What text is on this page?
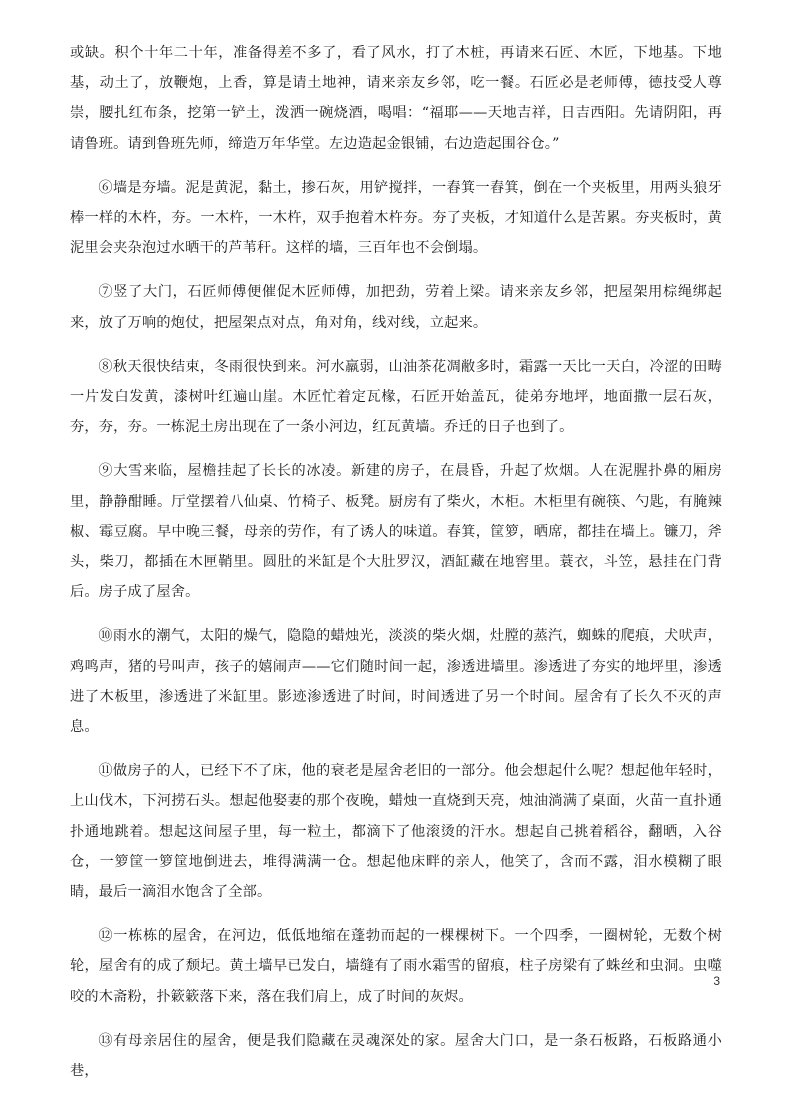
或缺。积个十年二十年，准备得差不多了，看了风水，打了木桩，再请来石匠、木匠，下地基。下地基，动土了，放鞭炮，上香，算是请土地神，请来亲友乡邻，吃一餐。石匠必是老师傅，德技受人尊崇，腰扎红布条，挖第一铲土，泼洒一碗烧酒，喝唱：“福耶——天地吉祥，日吉西阳。先请阴阳，再请鲁班。请到鲁班先师，缔造万年华堂。左边造起金银铺，右边造起围谷仓。”

⑥墙是夯墙。泥是黄泥，黏土，掺石灰，用铲搅拌，一舂箕一舂箕，倒在一个夹板里，用两头狼牙棒一样的木杵，夯。一木杵，一木杵，双手抱着木杵夯。夯了夹板，才知道什么是苦累。夯夹板时，黄泥里会夹杂泡过水晒干的芦苇秆。这样的墙，三百年也不会倒塌。

⑦竖了大门，石匠师傅便催促木匠师傅，加把劲，劳着上梁。请来亲友乡邻，把屋架用棕绳绑起来，放了万响的炮仗，把屋架点对点，角对角，线对线，立起来。

⑧秋天很快结束，冬雨很快到来。河水羸弱，山油茶花凋敝多时，霜露一天比一天白，冷涩的田畴一片发白发黄，漆树叶红遍山崖。木匠忙着定瓦椽，石匠开始盖瓦，徒弟夯地坪，地面撒一层石灰，夯，夯，夯。一栋泥土房出现在了一条小河边，红瓦黄墙。乔迁的日子也到了。

⑨大雪来临，屋檐挂起了长长的冰凌。新建的房子，在晨昏，升起了炊烟。人在泥腥扑鼻的厢房里，静静酣睡。厅堂摆着八仙桌、竹椅子、板凳。厨房有了柴火，木柜。木柜里有碗筷、勺匙，有腌辣椒、霉豆腐。早中晚三餐，母亲的劳作，有了诱人的味道。春箕，筐箩，晒席，都挂在墙上。镰刀，斧头，柴刀，都插在木匣鞘里。圆肚的米缸是个大肚罗汉，酒缸藏在地窖里。蓑衣，斗笠，悬挂在门背后。房子成了屋舍。

⑩雨水的潮气，太阳的燥气，隐隐的蜡烛光，淡淡的柴火烟，灶膛的蒸汽，蜘蛛的爬痕，犬吠声，鸡鸣声，猪的号叫声，孩子的嬉闹声——它们随时间一起，渗透进墙里。渗透进了夯实的地坪里，渗透进了木板里，渗透进了米缸里。影迹渗透进了时间，时间透进了另一个时间。屋舍有了长久不灭的声息。

⑪做房子的人，已经下不了床，他的衰老是屋舍老旧的一部分。他会想起什么呢？想起他年轻时，上山伐木，下河捞石头。想起他娶妻的那个夜晚，蜡烛一直烧到天亮，烛油淌满了桌面，火苗一直扑通扑通地跳着。想起这间屋子里，每一粒土，都滴下了他滚烫的汗水。想起自己挑着稻谷，翻晒，入谷仓，一箩筐一箩筐地倒进去，堆得满满一仓。想起他床畔的亲人，他笑了，含而不露，泪水模糊了眼睛，最后一滴泪水饱含了全部。

⑫一栋栋的屋舍，在河边，低低地缩在蓬勃而起的一棵棵树下。一个四季，一圈树轮，无数个树轮，屋舍有的成了颓圮。黄土墙早已发白，墙缝有了雨水霜雪的留痕，柱子房梁有了蛛丝和虫洞。虫噬咬的木斋粉，扑簌簌落下来，落在我们肩上，成了时间的灰烬。

⑬有母亲居住的屋舍，便是我们隐藏在灵魂深处的家。屋舍大门口，是一条石板路，石板路通小巷，

3
